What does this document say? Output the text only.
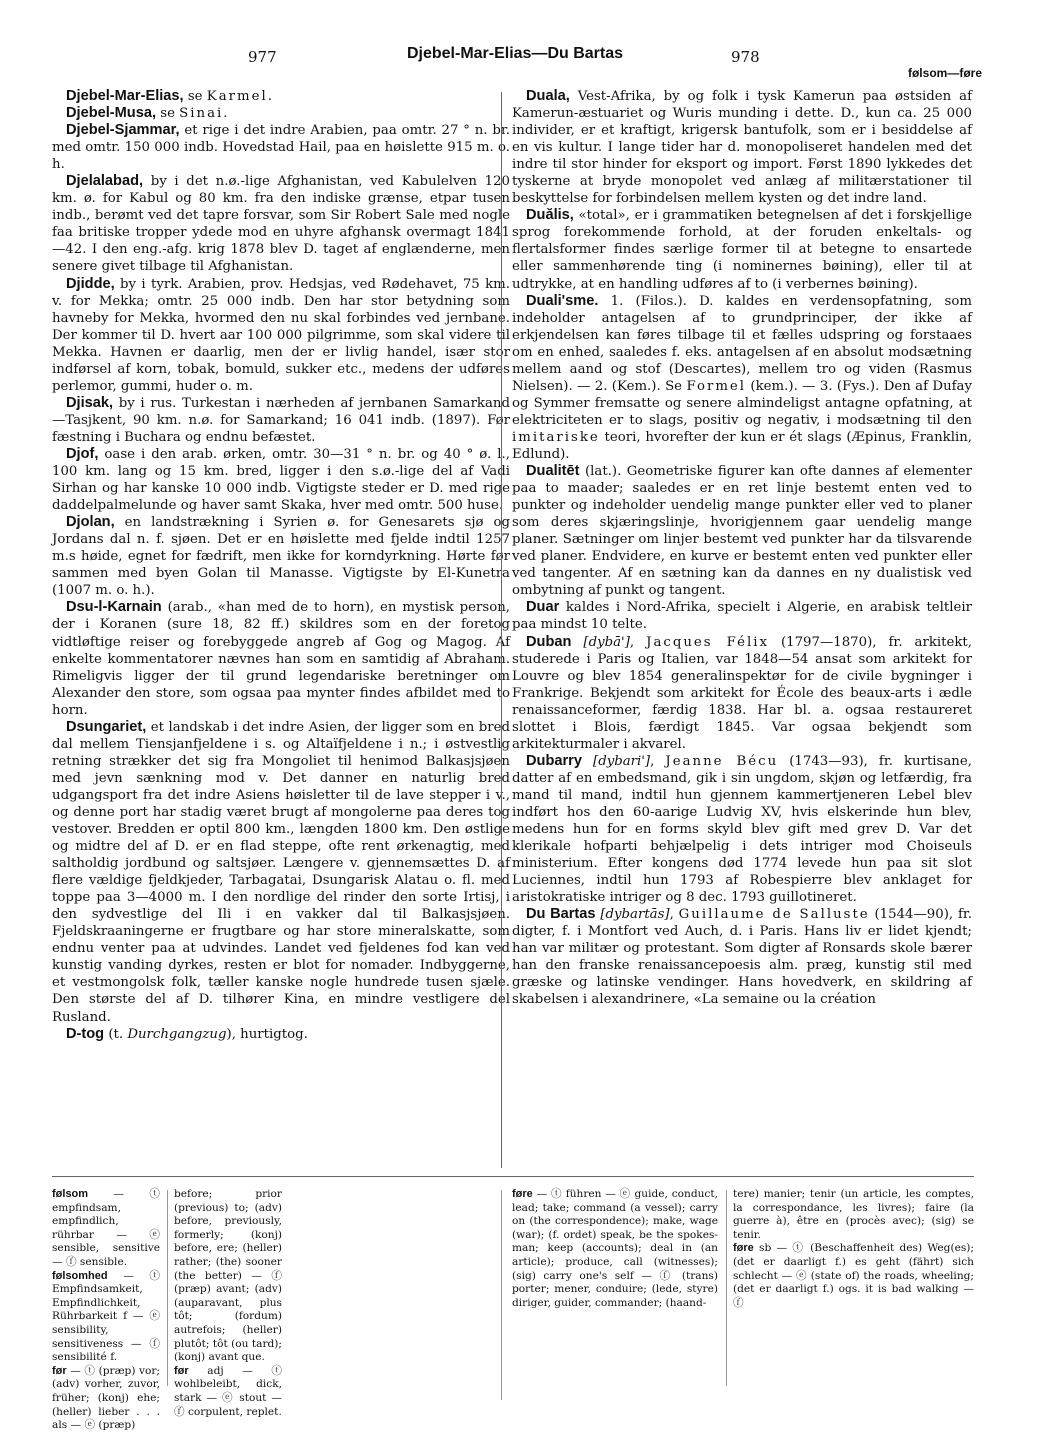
977	Djebel-Mar-Elias—Du Bartas	978
følsom—føre

Djebel-Mar-Elias, se Karmel.

Djebel-Musa, se Sinai.

Djebel-Sjammar, et rige i det indre Arabien, paa omtr. 27 ° n. br. med omtr. 150 000 indb. Hovedstad Hail, paa en høislette 915 m. o. h.

Djelalabad, by i det n.ø.-lige Afghanistan, ved Kabulelven 120 km. ø. for Kabul og 80 km. fra den indiske grænse, etpar tusen indb., berømt ved det tapre forsvar, som Sir Robert Sale med nogle faa britiske tropper ydede mod en uhyre afghansk overmagt 1841—42. I den eng.-afg. krig 1878 blev D. taget af englænderne, men senere givet tilbage til Afghanistan.

Djidde, by i tyrk. Arabien, prov. Hedsjas, ved Rødehavet, 75 km. v. for Mekka; omtr. 25 000 indb. Den har stor betydning som havneby for Mekka, hvormed den nu skal forbindes ved jernbane. Der kommer til D. hvert aar 100 000 pilgrimme, som skal videre til Mekka. Havnen er daarlig, men der er livlig handel, især stor indførsel af korn, tobak, bomuld, sukker etc., medens der udføres perlemor, gummi, huder o. m.

Djisak, by i rus. Turkestan i nærheden af jernbanen Samarkand—Tasjkent, 90 km. n.ø. for Samarkand; 16 041 indb. (1897). Før fæstning i Buchara og endnu befæstet.

Djof, oase i den arab. ørken, omtr. 30—31 ° n. br. og 40 ° ø. l., 100 km. lang og 15 km. bred, ligger i den s.ø.-lige del af Vadi Sirhan og har kanske 10 000 indb. Vigtigste steder er D. med rige daddelpalmelunde og haver samt Skaka, hver med omtr. 500 huse.

Djolan, en landstrækning i Syrien ø. for Genesarets sjø og Jordans dal n. f. sjøen. Det er en høislette med fjelde indtil 1257 m.s høide, egnet for fædrift, men ikke for korndyrkning. Hørte før sammen med byen Golan til Manasse. Vigtigste by El-Kunetra (1007 m. o. h.).

Dsu-l-Karnain (arab., «han med de to horn), en mystisk person, der i Koranen (sure 18, 82 ff.) skildres som en der foretog vidtløftige reiser og forebyggede angreb af Gog og Magog. Af enkelte kommentatorer nævnes han som en samtidig af Abraham. Rimeligvis ligger der til grund legendariske beretninger om Alexander den store, som ogsaa paa mynter findes afbildet med to horn.

Dsungariet, et landskab i det indre Asien, der ligger som en bred dal mellem Tiensjanfjeldene i s. og Altaïfjeldene i n.; i østvestlig retning strækker det sig fra Mongoliet til henimod Balkasjsjøen med jevn sænkning mod v. Det danner en naturlig bred udgangsport fra det indre Asiens høisletter til de lave stepper i v., og denne port har stadig været brugt af mongolerne paa deres tog vestover. Bredden er optil 800 km., længden 1800 km. Den østlige og midtre del af D. er en flad steppe, ofte rent ørkenagtig, med saltholdig jordbund og saltsjøer. Længere v. gjennemsættes D. af flere vældige fjeldkjeder, Tarbagatai, Dsungarisk Alatau o. fl. med toppe paa 3—4000 m. I den nordlige del rinder den sorte Irtisj, i den sydvestlige del Ili i en vakker dal til Balkasjsjøen. Fjeldskraaningerne er frugtbare og har store mineralskatte, som endnu venter paa at udvindes. Landet ved fjeldenes fod kan ved kunstig vanding dyrkes, resten er blot for nomader. Indbyggerne, et vestmongolsk folk, tæller kanske nogle hundrede tusen sjæle. Den største del af D. tilhører Kina, en mindre vestligere del Rusland.

D-tog (t. Durchgangzug), hurtigtog.

Duala, Vest-Afrika, by og folk i tysk Kamerun paa østsiden af Kamerun-æstuariet og Wuris munding i dette. D., kun ca. 25 000 individer, er et kraftigt, krigersk bantufolk, som er i besiddelse af en vis kultur. I lange tider har d. monopoliseret handelen med det indre til stor hinder for eksport og import. Først 1890 lykkedes det tyskerne at bryde monopolet ved anlæg af militærstationer til beskyttelse for forbindelsen mellem kysten og det indre land.

Duălis, «total», er i grammatiken betegnelsen af det i forskjellige sprog forekommende forhold, at der foruden enkeltals- og flertalsformer findes særlige former til at betegne to ensartede eller sammenhørende ting (i nominernes bøining), eller til at udtrykke, at en handling udføres af to (i verbernes bøining).

Duali'sme. 1. (Filos.). D. kaldes en verdensopfatning, som indeholder antagelsen af to grundprinciper, der ikke af erkjendelsen kan føres tilbage til et fælles udspring og forstaaes om en enhed, saaledes f. eks. antagelsen af en absolut modsætning mellem aand og stof (Descartes), mellem tro og viden (Rasmus Nielsen). — 2. (Kem.). Se Formel (kem.). — 3. (Fys.). Den af Dufay og Symmer fremsatte og senere almindeligst antagne opfatning, at elektriciteten er to slags, positiv og negativ, i modsætning til den imitariske teori, hvorefter der kun er ét slags (Æpinus, Franklin, Edlund).

Dualitēt (lat.). Geometriske figurer kan ofte dannes af elementer paa to maader; saaledes er en ret linje bestemt enten ved to punkter og indeholder uendelig mange punkter eller ved to planer som deres skjæringslinje, hvorigjennem gaar uendelig mange planer. Sætninger om linjer bestemt ved punkter har da tilsvarende ved planer. Endvidere, en kurve er bestemt enten ved punkter eller ved tangenter. Af en sætning kan da dannes en ny dualistisk ved ombytning af punkt og tangent.

Duar kaldes i Nord-Afrika, specielt i Algerie, en arabisk teltleir paa mindst 10 telte.

Duban [dybā'], Jacques Félix (1797—1870), fr. arkitekt, studerede i Paris og Italien, var 1848—54 ansat som arkitekt for Louvre og blev 1854 generalinspektør for de civile bygninger i Frankrige. Bekjendt som arkitekt for École des beaux-arts i ædle renaissanceformer, færdig 1838. Har bl. a. ogsaa restaureret slottet i Blois, færdigt 1845. Var ogsaa bekjendt som arkitekturmaler i akvarel.

Dubarry [dybari'], Jeanne Bécu (1743—93), fr. kurtisane, datter af en embedsmand, gik i sin ungdom, skjøn og letfærdig, fra mand til mand, indtil hun gjennem kammertjeneren Lebel blev indført hos den 60-aarige Ludvig XV, hvis elskerinde hun blev, medens hun for en forms skyld blev gift med grev D. Var det klerikale hofparti behjælpelig i dets intriger mod Choiseuls ministerium. Efter kongens død 1774 levede hun paa sit slot Luciennes, indtil hun 1793 af Robespierre blev anklaget for aristokratiske intriger og 8 dec. 1793 guillotineret.

Du Bartas [dybartās], Guillaume de Salluste (1544—90), fr. digter, f. i Montfort ved Auch, d. i Paris. Hans liv er lidet kjendt; han var militær og protestant. Som digter af Ronsards skole bærer han den franske renaissancepoesis alm. præg, kunstig stil med græske og latinske vendinger. Hans hovedverk, en skildring af skabelsen i alexandrinere, «La semaine ou la création

følsom — ⓣ empfindsam, empfindlich, rührbar — ⓔ sensible, sensitive — ⓕ sensible.

følsomhed — ⓣ Empfindsamkeit, Empfindlichkeit, Rührbarkeit f — ⓔ sensibility, sensitiveness — ⓕ sensibilité f.

før — ⓣ (præp) vor; (adv) vorher, zuvor, früher; (konj) ehe; (heller) lieber . . . als — ⓔ (præp)

before; prior (previous) to; (adv) before, previously, formerly; (konj) before, ere; (heller) rather; (the) sooner (the better) — ⓕ (præp) avant; (adv) (auparavant, plus tôt; (fordum) autrefois; (heller) plutôt; tôt (ou tard); (konj) avant que.

før adj — ⓣ wohlbeleibt, dick, stark — ⓔ stout — ⓕ corpulent, replet.

føre — ⓣ führen — ⓔ guide, conduct, lead; take; command (a vessel); carry on (the correspondence); make, wage (war); (f. ordet) speak, be the spokes-man; keep (accounts); deal in (an article); produce, call (witnesses); (sig) carry one's self — ⓕ (trans) porter; mener, conduire; (lede, styre) diriger, guider, commander; (haand-

tere) manier; tenir (un article, les comptes, la correspondance, les livres); faire (la guerre à), être en (procès avec); (sig) se tenir.

føre sb — ⓣ (Beschaffenheit des) Weg(es); (det er daarligt f.) es geht (fährt) sich schlecht — ⓔ (state of) the roads, wheeling; (det er daarligt f.) ogs. it is bad walking — ⓕ
